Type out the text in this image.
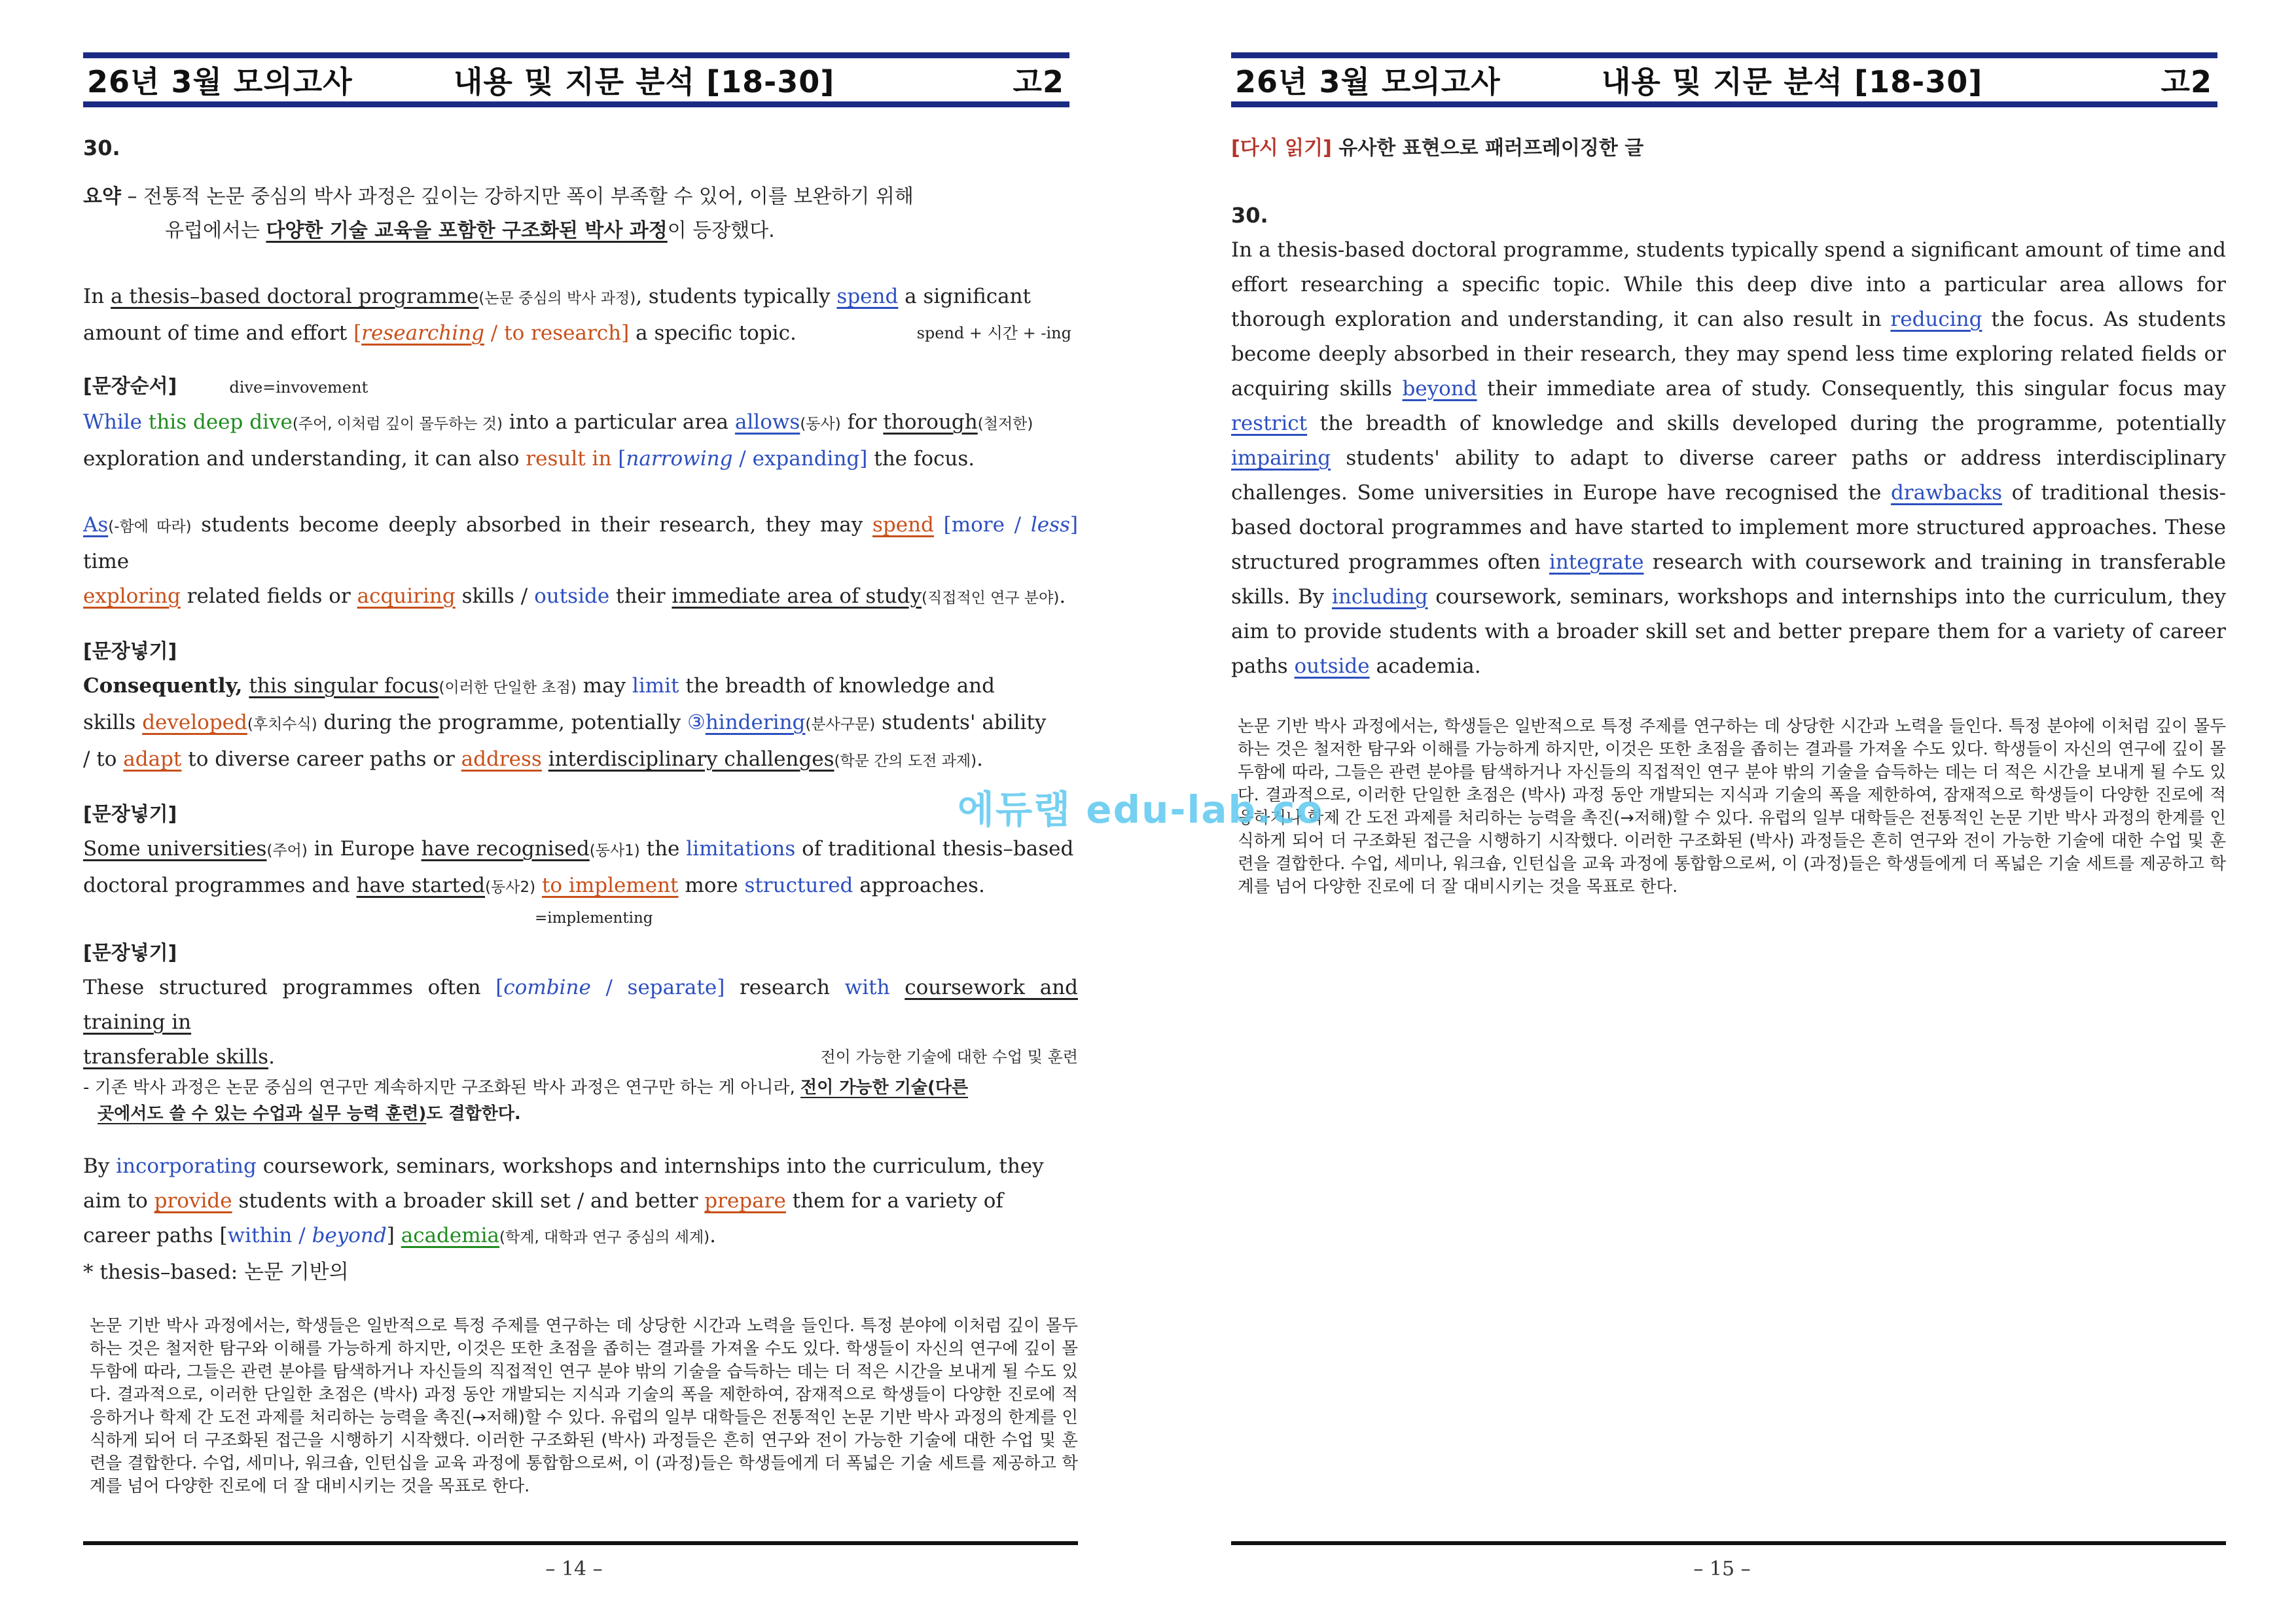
26년 3월 모의고사	내용 및 지문 분석 [18-30]	고2
30.
요약 – 전통적 논문 중심의 박사 과정은 깊이는 강하지만 폭이 부족할 수 있어, 이를 보완하기 위해
유럽에서는 다양한 기술 교육을 포함한 구조화된 박사 과정이 등장했다.
In a thesis–based doctoral programme(논문 중심의 박사 과정), students typically spend a significant
amount of time and effort [researching / to research] a specific topic.	spend + 시간 + -ing
[문장순서]	dive=invovement
While this deep dive(주어, 이처럼 깊이 몰두하는 것) into a particular area allows(동사) for thorough(철저한)
exploration and understanding, it can also result in [narrowing / expanding] the focus.
As(-함에 따라) students become deeply absorbed in their research, they may spend [more / less] time
exploring related fields or acquiring skills / outside their immediate area of study(직접적인 연구 분야).
[문장넣기]
Consequently, this singular focus(이러한 단일한 초점) may limit the breadth of knowledge and
skills developed(후치수식) during the programme, potentially ③hindering(분사구문) students' ability
/ to adapt to diverse career paths or address interdisciplinary challenges(학문 간의 도전 과제).
[문장넣기]
Some universities(주어) in Europe have recognised(동사1) the limitations of traditional thesis–based
doctoral programmes and have started(동사2) to implement more structured approaches.
=implementing
[문장넣기]
These structured programmes often [combine / separate] research with coursework and training in
transferable skills.	전이 가능한 기술에 대한 수업 및 훈련
- 기존 박사 과정은 논문 중심의 연구만 계속하지만 구조화된 박사 과정은 연구만 하는 게 아니라, 전이 가능한 기술(다른
곳에서도 쓸 수 있는 수업과 실무 능력 훈련)도 결합한다.
By incorporating coursework, seminars, workshops and internships into the curriculum, they
aim to provide students with a broader skill set / and better prepare them for a variety of
career paths [within / beyond] academia(학계, 대학과 연구 중심의 세계).
* thesis–based: 논문 기반의
논문 기반 박사 과정에서는, 학생들은 일반적으로 특정 주제를 연구하는 데 상당한 시간과 노력을 들인다. 특정 분야에 이처럼 깊이 몰두하는 것은 철저한 탐구와 이해를 가능하게 하지만, 이것은 또한 초점을 좁히는 결과를 가져올 수도 있다. 학생들이 자신의 연구에 깊이 몰두함에 따라, 그들은 관련 분야를 탐색하거나 자신들의 직접적인 연구 분야 밖의 기술을 습득하는 데는 더 적은 시간을 보내게 될 수도 있다. 결과적으로, 이러한 단일한 초점은 (박사) 과정 동안 개발되는 지식과 기술의 폭을 제한하여, 잠재적으로 학생들이 다양한 진로에 적응하거나 학제 간 도전 과제를 처리하는 능력을 촉진(→저해)할 수 있다. 유럽의 일부 대학들은 전통적인 논문 기반 박사 과정의 한계를 인식하게 되어 더 구조화된 접근을 시행하기 시작했다. 이러한 구조화된 (박사) 과정들은 흔히 연구와 전이 가능한 기술에 대한 수업 및 훈련을 결합한다. 수업, 세미나, 워크숍, 인턴십을 교육 과정에 통합함으로써, 이 (과정)들은 학생들에게 더 폭넓은 기술 세트를 제공하고 학계를 넘어 다양한 진로에 더 잘 대비시키는 것을 목표로 한다.
– 14 –
26년 3월 모의고사	내용 및 지문 분석 [18-30]	고2
[다시 읽기] 유사한 표현으로 패러프레이징한 글
30.
In a thesis-based doctoral programme, students typically spend a significant amount of time and effort researching a specific topic. While this deep dive into a particular area allows for thorough exploration and understanding, it can also result in reducing the focus. As students become deeply absorbed in their research, they may spend less time exploring related fields or acquiring skills beyond their immediate area of study. Consequently, this singular focus may restrict the breadth of knowledge and skills developed during the programme, potentially impairing students' ability to adapt to diverse career paths or address interdisciplinary challenges. Some universities in Europe have recognised the drawbacks of traditional thesis-based doctoral programmes and have started to implement more structured approaches. These structured programmes often integrate research with coursework and training in transferable skills. By including coursework, seminars, workshops and internships into the curriculum, they aim to provide students with a broader skill set and better prepare them for a variety of career paths outside academia.
논문 기반 박사 과정에서는, 학생들은 일반적으로 특정 주제를 연구하는 데 상당한 시간과 노력을 들인다. 특정 분야에 이처럼 깊이 몰두하는 것은 철저한 탐구와 이해를 가능하게 하지만, 이것은 또한 초점을 좁히는 결과를 가져올 수도 있다. 학생들이 자신의 연구에 깊이 몰두함에 따라, 그들은 관련 분야를 탐색하거나 자신들의 직접적인 연구 분야 밖의 기술을 습득하는 데는 더 적은 시간을 보내게 될 수도 있다. 결과적으로, 이러한 단일한 초점은 (박사) 과정 동안 개발되는 지식과 기술의 폭을 제한하여, 잠재적으로 학생들이 다양한 진로에 적응하거나 학제 간 도전 과제를 처리하는 능력을 촉진(→저해)할 수 있다. 유럽의 일부 대학들은 전통적인 논문 기반 박사 과정의 한계를 인식하게 되어 더 구조화된 접근을 시행하기 시작했다. 이러한 구조화된 (박사) 과정들은 흔히 연구와 전이 가능한 기술에 대한 수업 및 훈련을 결합한다. 수업, 세미나, 워크숍, 인턴십을 교육 과정에 통합함으로써, 이 (과정)들은 학생들에게 더 폭넓은 기술 세트를 제공하고 학계를 넘어 다양한 진로에 더 잘 대비시키는 것을 목표로 한다.
– 15 –
에듀랩 edu-lab.co
